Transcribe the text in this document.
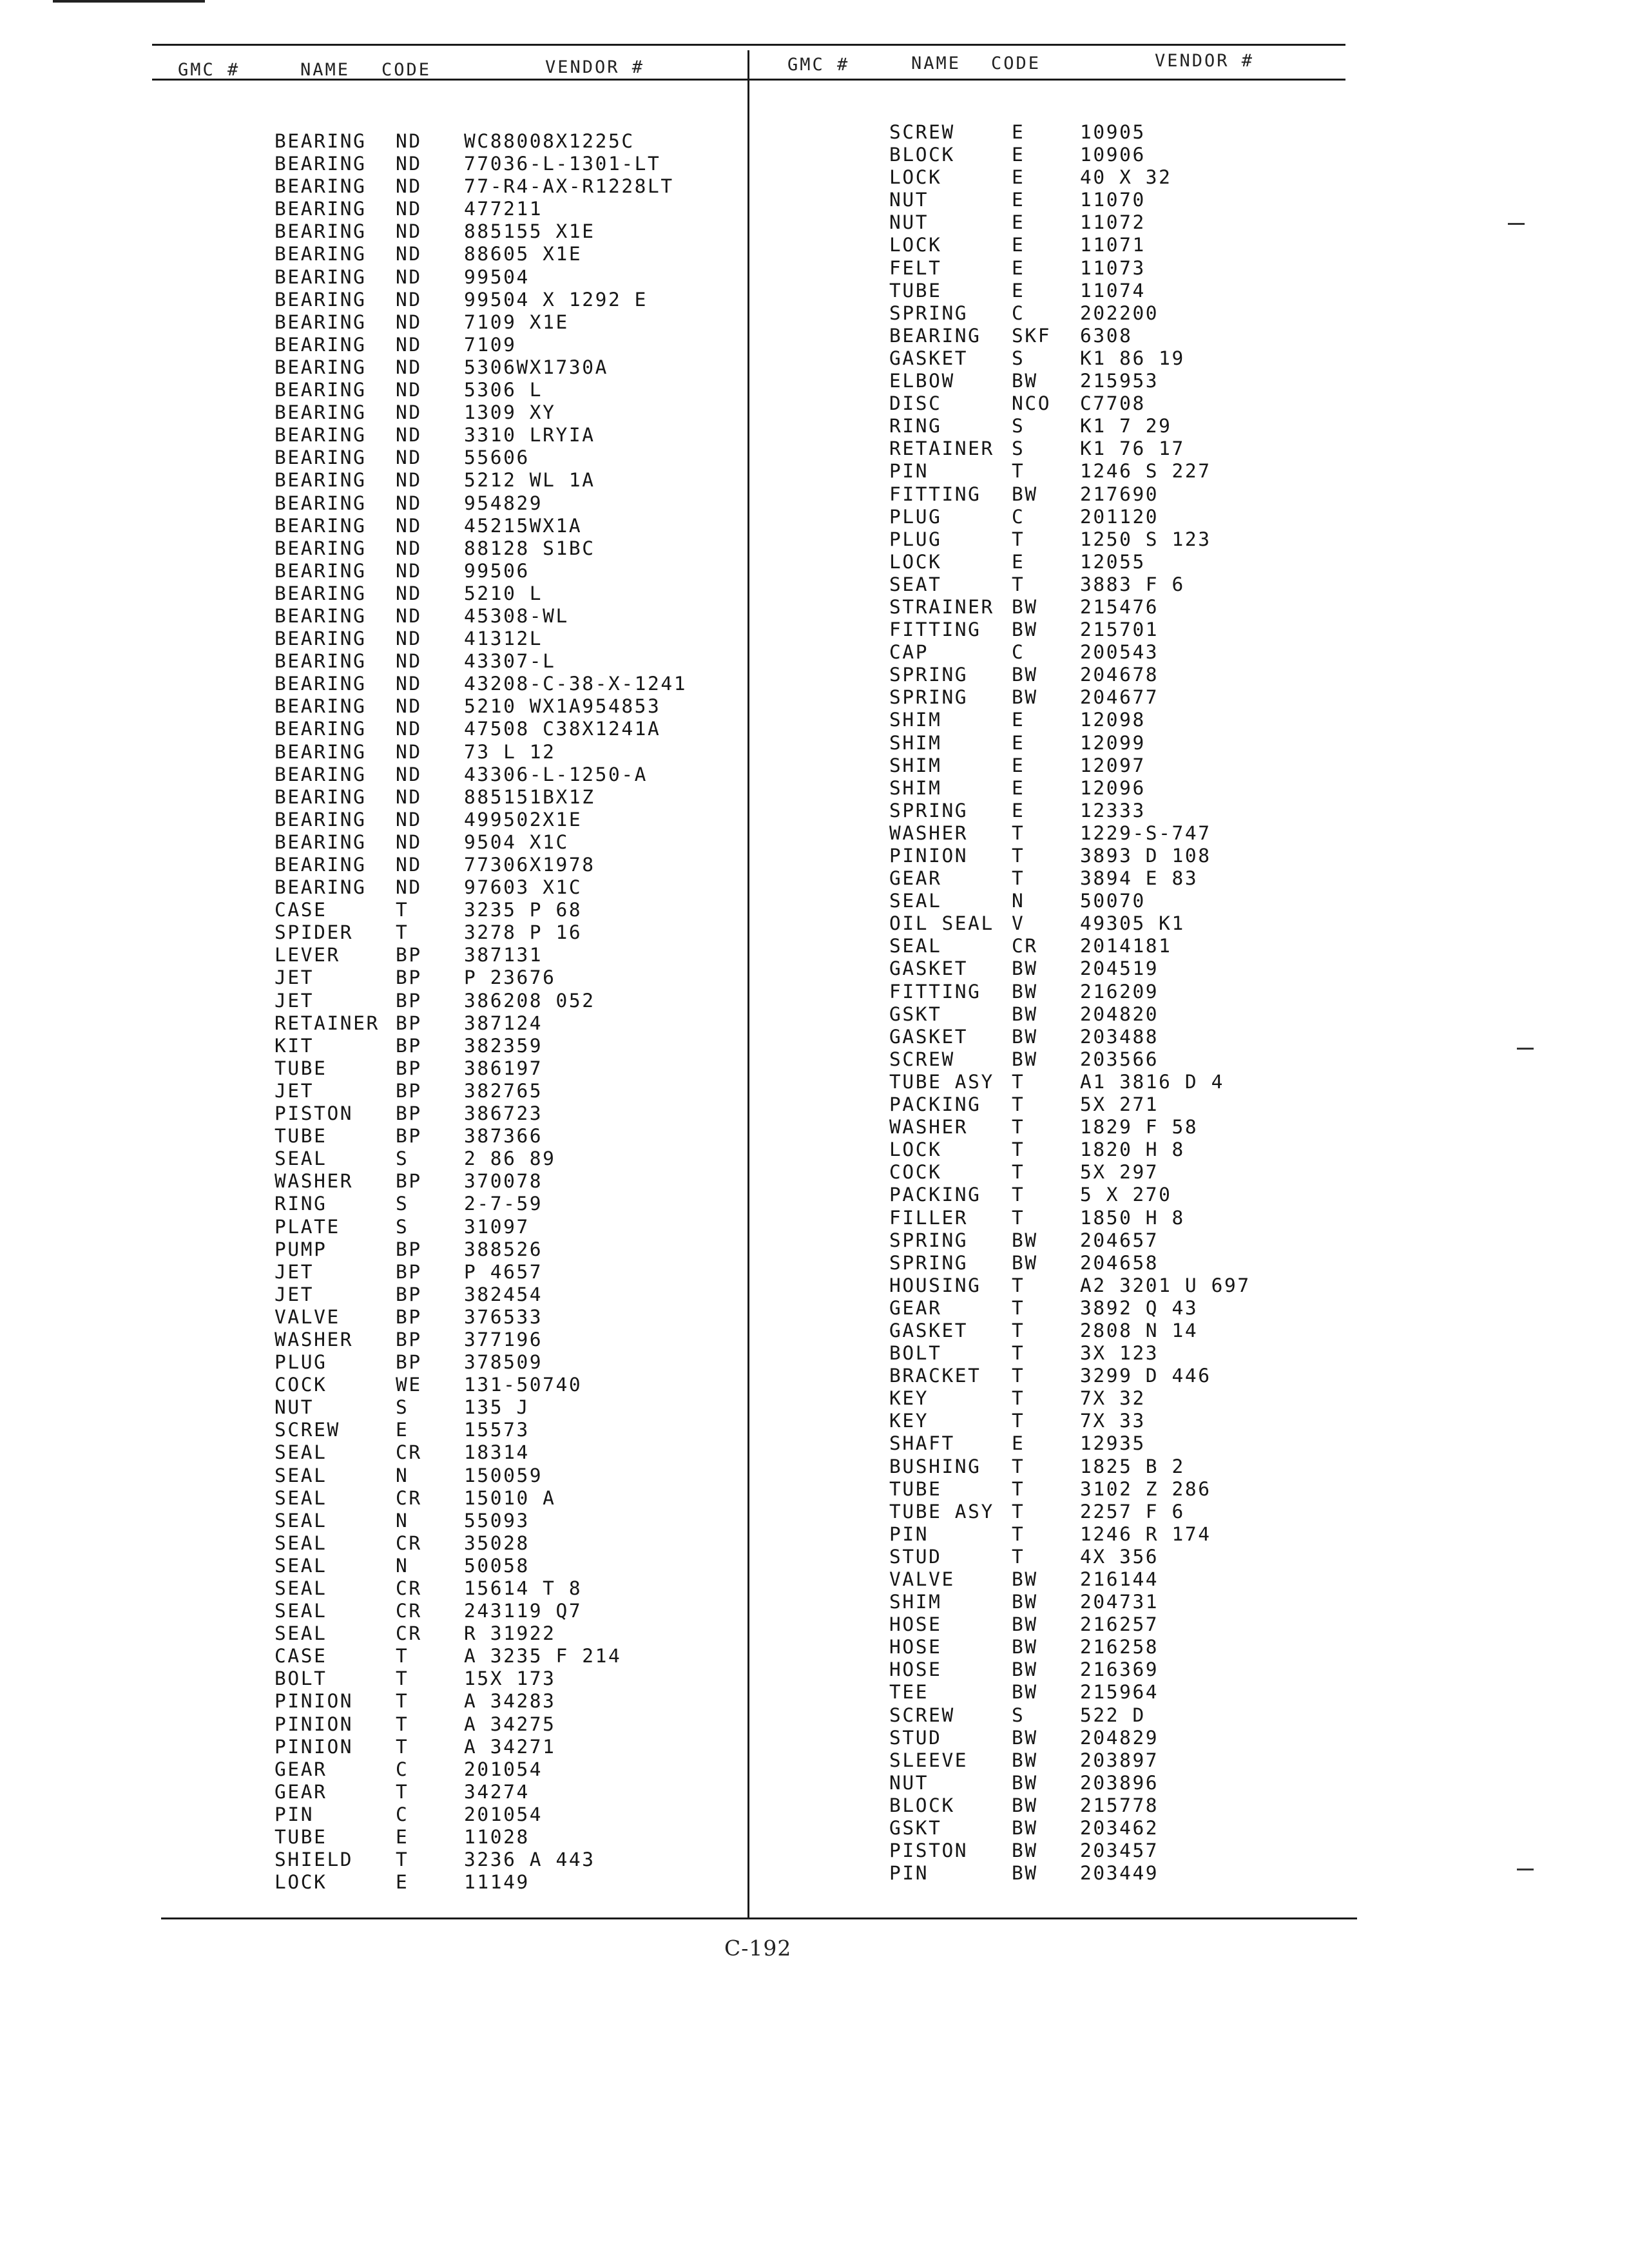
GMC #	NAME CODE	VENDOR #	GMC #	NAME CODE	VENDOR #
BEARING ND WC88008X1225C
BEARING ND 77036-L-1301-LT
BEARING ND 77-R4-AX-R1228LT
BEARING ND 477211
BEARING ND 885155 X1E
BEARING ND 88605 X1E
BEARING ND 99504
BEARING ND 99504 X 1292 E
BEARING ND 7109 X1E
BEARING ND 7109
BEARING ND 5306WX1730A
BEARING ND 5306 L
BEARING ND 1309 XY
BEARING ND 3310 LRYIA
BEARING ND 55606
BEARING ND 5212 WL 1A
BEARING ND 954829
BEARING ND 45215WX1A
BEARING ND 88128 S1BC
BEARING ND 99506
BEARING ND 5210 L
BEARING ND 45308-WL
BEARING ND 41312L
BEARING ND 43307-L
BEARING ND 43208-C-38-X-1241
BEARING ND 5210 WX1A954853
BEARING ND 47508 C38X1241A
BEARING ND 73 L 12
BEARING ND 43306-L-1250-A
BEARING ND 885151BX1Z
BEARING ND 499502X1E
BEARING ND 9504 X1C
BEARING ND 77306X1978
BEARING ND 97603 X1C
CASE	T	3235 P 68
SPIDER T	3278 P 16
LEVER	BP 387131
JET	BP P 23676
JET	BP 386208 052
RETAINER BP 387124
KIT	BP 382359
TUBE	BP 386197
JET	BP 382765
PISTON BP 386723
TUBE	BP 387366
SEAL	S	2 86 89
WASHER BP 370078
RING	S	2-7-59
PLATE	S	31097
PUMP	BP 388526
JET	BP P 4657
JET	BP 382454
VALVE	BP 376533
WASHER BP 377196
PLUG	BP 378509
COCK	WE 131-50740
NUT	S	135 J
SCREW	E	15573
SEAL	CR 18314
SEAL	N	150059
SEAL	CR 15010 A
SEAL	N	55093
SEAL	CR 35028
SEAL	N	50058
SEAL	CR 15614 T 8
SEAL	CR 243119 Q7
SEAL	CR R 31922
CASE	T	A 3235 F 214
BOLT	T	15X 173
PINION T	A 34283
PINION T	A 34275
PINION T	A 34271
GEAR	C	201054
GEAR	T	34274
PIN	C	201054
TUBE	E	11028
SHIELD T	3236 A 443
LOCK	E	11149
SCREW	E	10905
BLOCK	E	10906
LOCK	E	40 X 32
NUT	E	11070
NUT	E	11072
LOCK	E	11071
FELT	E	11073
TUBE	E	11074
SPRING C	202200
BEARING SKF 6308
GASKET S	K1 86 19
ELBOW	BW 215953
DISC	NCO C7708
RING	S	K1 7 29
RETAINER S	K1 76 17
PIN	T	1246 S 227
FITTING BW 217690
PLUG	C	201120
PLUG	T	1250 S 123
LOCK	E	12055
SEAT	T	3883 F 6
STRAINER BW 215476
FITTING BW 215701
CAP	C	200543
SPRING BW 204678
SPRING BW 204677
SHIM	E	12098
SHIM	E	12099
SHIM	E	12097
SHIM	E	12096
SPRING E	12333
WASHER T	1229-S-747
PINION T	3893 D 108
GEAR	T	3894 E 83
SEAL	N	50070
OIL SEAL V	49305 K1
SEAL	CR 2014181
GASKET BW 204519
FITTING BW 216209
GSKT	BW 204820
GASKET BW 203488
SCREW	BW 203566
TUBE ASY T	A1 3816 D 4
PACKING T	5X 271
WASHER T	1829 F 58
LOCK	T	1820 H 8
COCK	T	5X 297
PACKING T	5 X 270
FILLER T	1850 H 8
SPRING BW 204657
SPRING BW 204658
HOUSING T	A2 3201 U 697
GEAR	T	3892 Q 43
GASKET T	2808 N 14
BOLT	T	3X 123
BRACKET T	3299 D 446
KEY	T	7X 32
KEY	T	7X 33
SHAFT	E	12935
BUSHING T	1825 B 2
TUBE	T	3102 Z 286
TUBE ASY T	2257 F 6
PIN	T	1246 R 174
STUD	T	4X 356
VALVE	BW 216144
SHIM	BW 204731
HOSE	BW 216257
HOSE	BW 216258
HOSE	BW 216369
TEE	BW 215964
SCREW	S	522 D
STUD	BW 204829
SLEEVE BW 203897
NUT	BW 203896
BLOCK	BW 215778
GSKT	BW 203462
PISTON BW 203457
PIN	BW 203449
C-192
